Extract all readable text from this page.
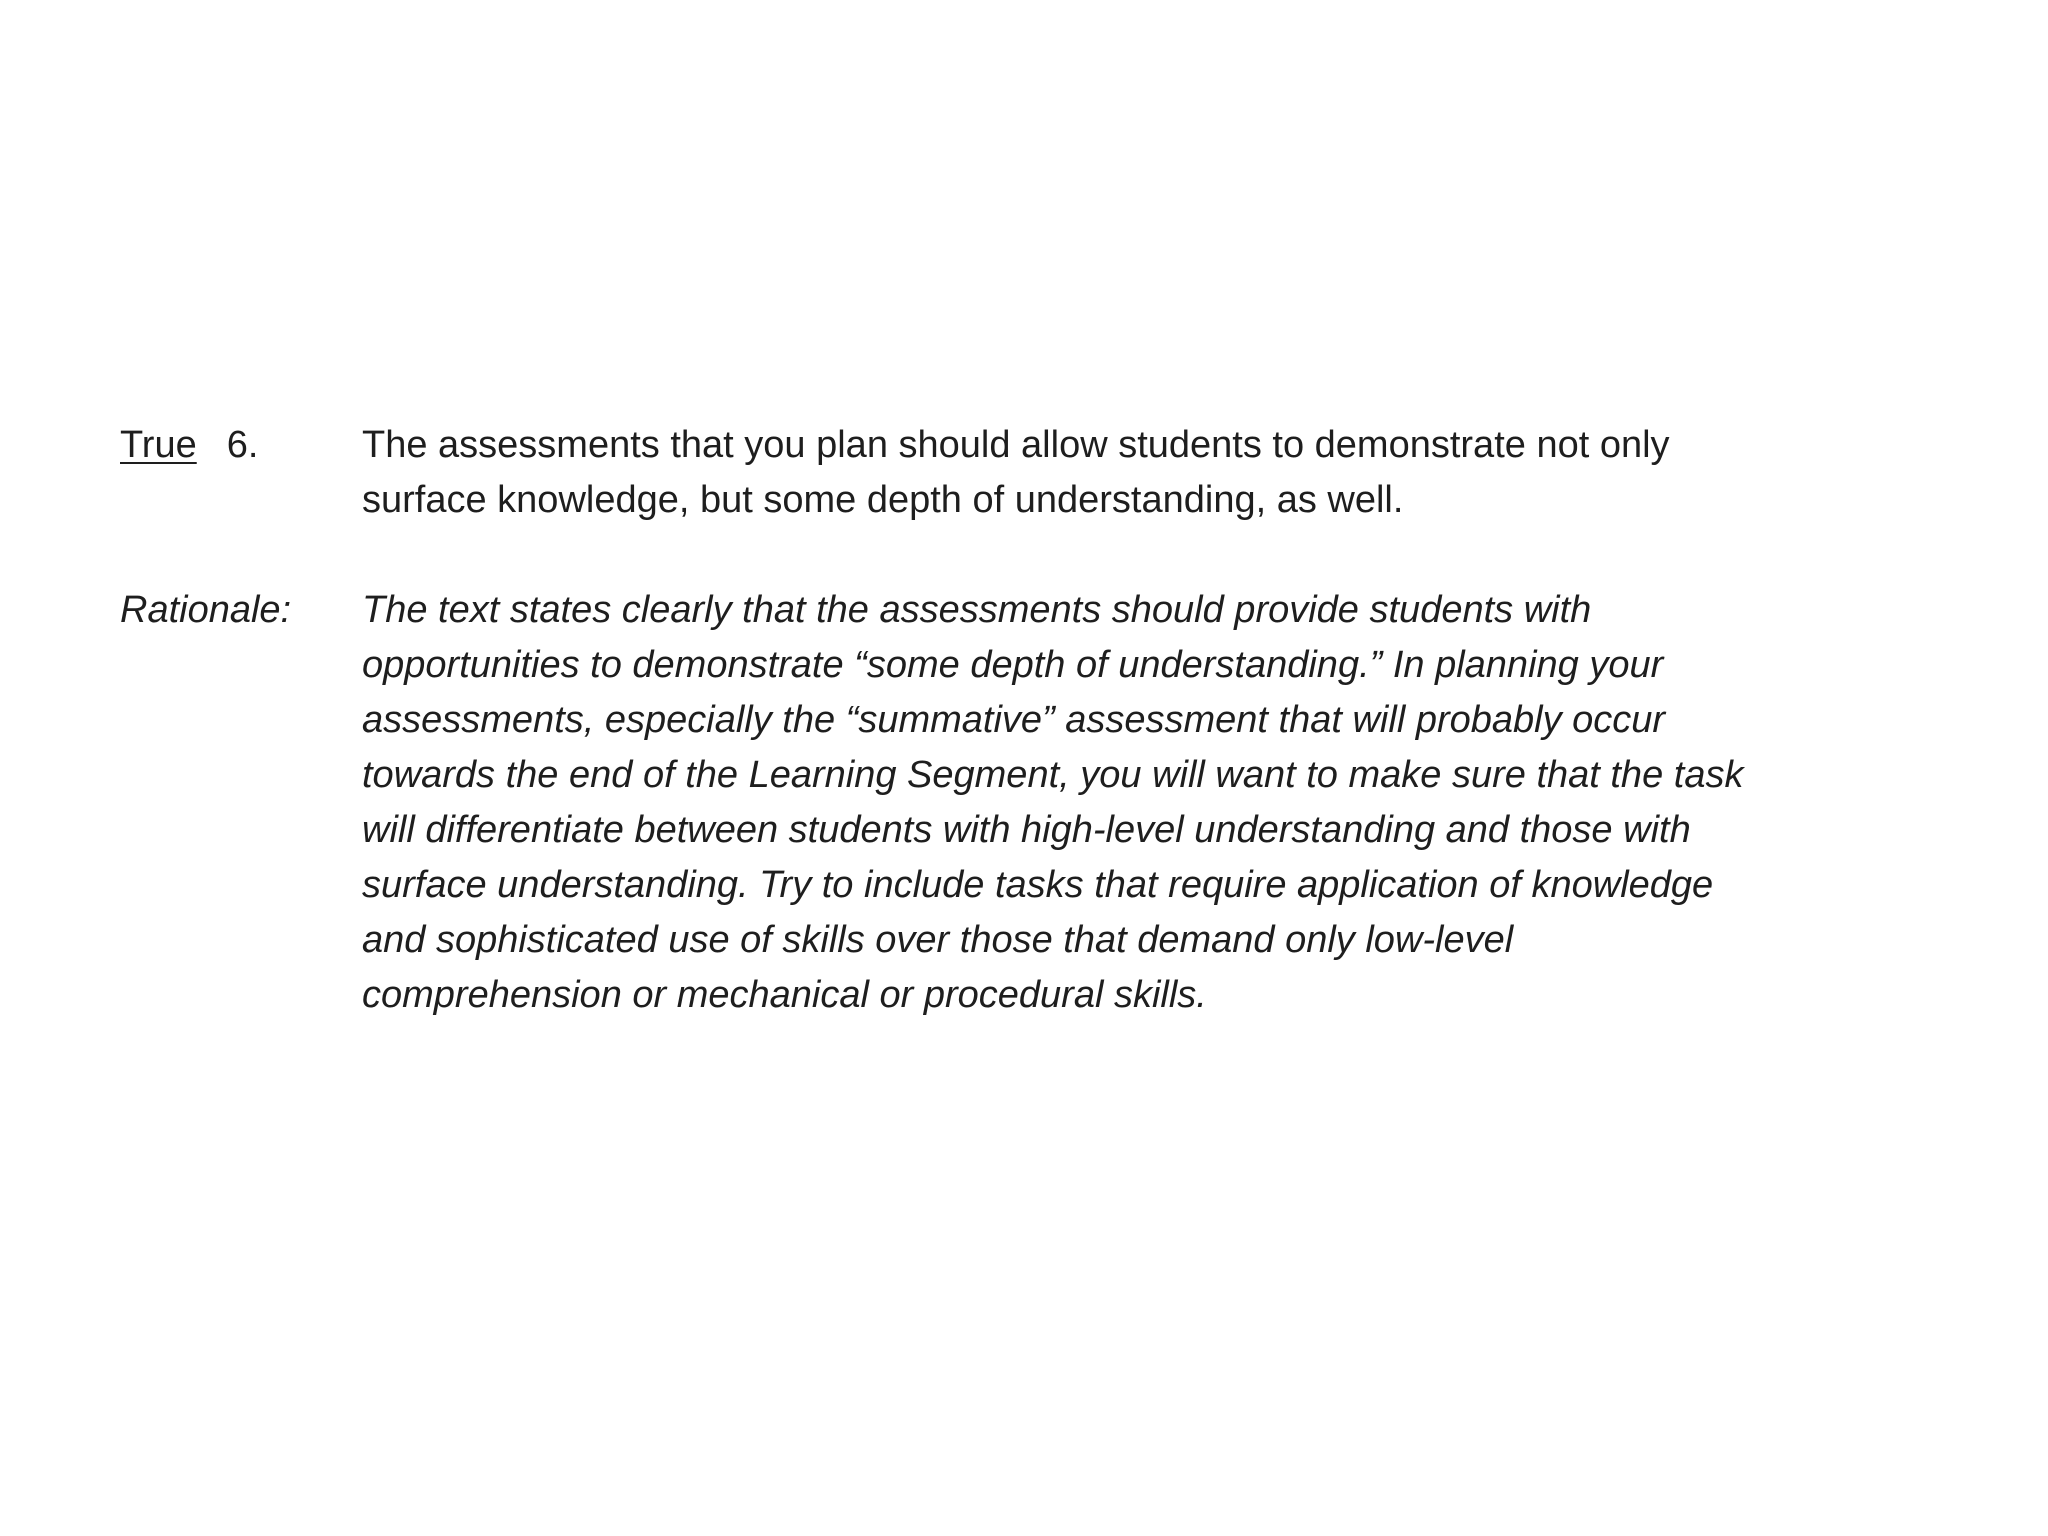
True 6.	The assessments that you plan should allow students to demonstrate not only
surface knowledge, but some depth of understanding, as well.
Rationale:	The text states clearly that the assessments should provide students with
opportunities to demonstrate “some depth of understanding.” In planning your
assessments, especially the “summative” assessment that will probably occur
towards the end of the Learning Segment, you will want to make sure that the task
will differentiate between students with high-level understanding and those with
surface understanding. Try to include tasks that require application of knowledge
and sophisticated use of skills over those that demand only low-level
comprehension or mechanical or procedural skills.
